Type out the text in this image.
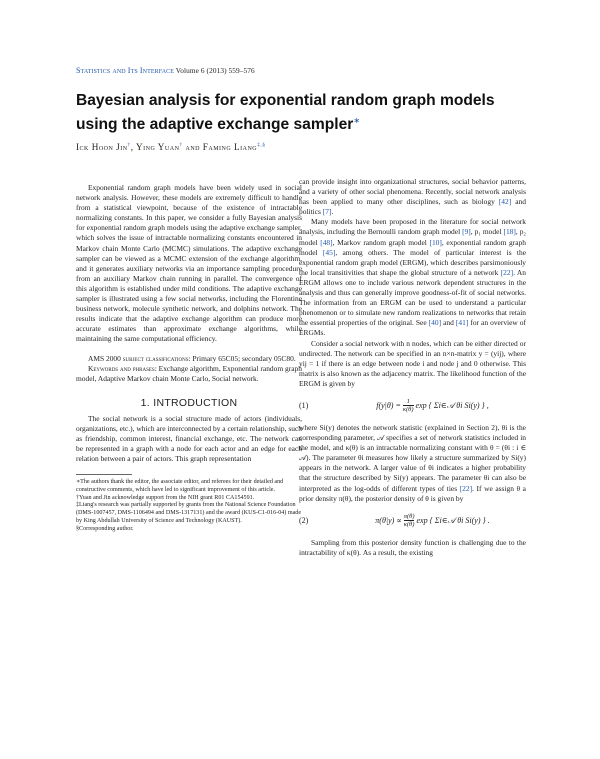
Statistics and Its Interface Volume 6 (2013) 559–576
Bayesian analysis for exponential random graph models using the adaptive exchange sampler∗
Ick Hoon Jin†, Ying Yuan† and Faming Liang‡,§

Exponential random graph models have been widely used in social network analysis. However, these models are extremely difficult to handle from a statistical viewpoint, because of the existence of intractable normalizing constants. In this paper, we consider a fully Bayesian analysis for exponential random graph models using the adaptive exchange sampler, which solves the issue of intractable normalizing constants encountered in Markov chain Monte Carlo (MCMC) simulations. The adaptive exchange sampler can be viewed as a MCMC extension of the exchange algorithm, and it generates auxiliary networks via an importance sampling procedure from an auxiliary Markov chain running in parallel. The convergence of this algorithm is established under mild conditions. The adaptive exchange sampler is illustrated using a few social networks, including the Florentine business network, molecule synthetic network, and dolphins network. The results indicate that the adaptive exchange algorithm can produce more accurate estimates than approximate exchange algorithms, while maintaining the same computational efficiency.

AMS 2000 subject classifications: Primary 65C05; secondary 05C80.

Keywords and phrases: Exchange algorithm, Exponential random graph model, Adaptive Markov chain Monte Carlo, Social network.

1. INTRODUCTION

The social network is a social structure made of actors (individuals, organizations, etc.), which are interconnected by a certain relationship, such as friendship, common interest, financial exchange, etc. The network can be represented in a graph with a node for each actor and an edge for each relation between a pair of actors. This graph representation

∗The authors thank the editor, the associate editor, and referees for their detailed and constructive comments, which have led to significant improvement of this article.

†Yuan and Jin acknowledge support from the NIH grant R01 CA154591.

‡Liang's research was partially supported by grants from the National Science Foundation (DMS-1007457, DMS-1106494 and DMS-1317131) and the award (KUS-C1-016-04) made by King Abdullah University of Science and Technology (KAUST).

§Corresponding author.

can provide insight into organizational structures, social behavior patterns, and a variety of other social phenomena. Recently, social network analysis has been applied to many other disciplines, such as biology [42] and politics [7].

Many models have been proposed in the literature for social network analysis, including the Bernoulli random graph model [9], p₁ model [18], p₂ model [48], Markov random graph model [10], exponential random graph model [45], among others. The model of particular interest is the exponential random graph model (ERGM), which describes parsimoniously the local transitivities that shape the global structure of a network [22]. An ERGM allows one to include various network dependent structures in the analysis and thus can generally improve goodness-of-fit of social networks. The information from an ERGM can be used to understand a particular phenomenon or to simulate new random realizations to networks that retain the essential properties of the original. See [40] and [41] for an overview of ERGMs.

Consider a social network with n nodes, which can be either directed or undirected. The network can be specified in an n×n-matrix y = (yij), where yij = 1 if there is an edge between node i and node j and 0 otherwise. This matrix is also known as the adjacency matrix. The likelihood function of the ERGM is given by

(1)	$f(y|\theta) = \frac{1}{\kappa(\theta)}$ exp { Σi∈𝒜 θi Si(y) } ,

where Si(y) denotes the network statistic (explained in Section 2), θi is the corresponding parameter, 𝒜 specifies a set of network statistics included in the model, and κ(θ) is an intractable normalizing constant with θ = (θi : i ∈ 𝒜). The parameter θi measures how likely a structure summarized by Si(y) appears in the network. A larger value of θi indicates a higher probability that the structure described by Si(y) appears. The parameter θi can also be interpreted as the log-odds of different types of ties [22]. If we assign θ a prior density π(θ), the posterior density of θ is given by

(2)	$\pi(\theta|y) \propto \frac{\pi(\theta)}{\kappa(\theta)}$ exp { Σi∈𝒜 θi Si(y) } .

Sampling from this posterior density function is challenging due to the intractability of κ(θ). As a result, the existing
